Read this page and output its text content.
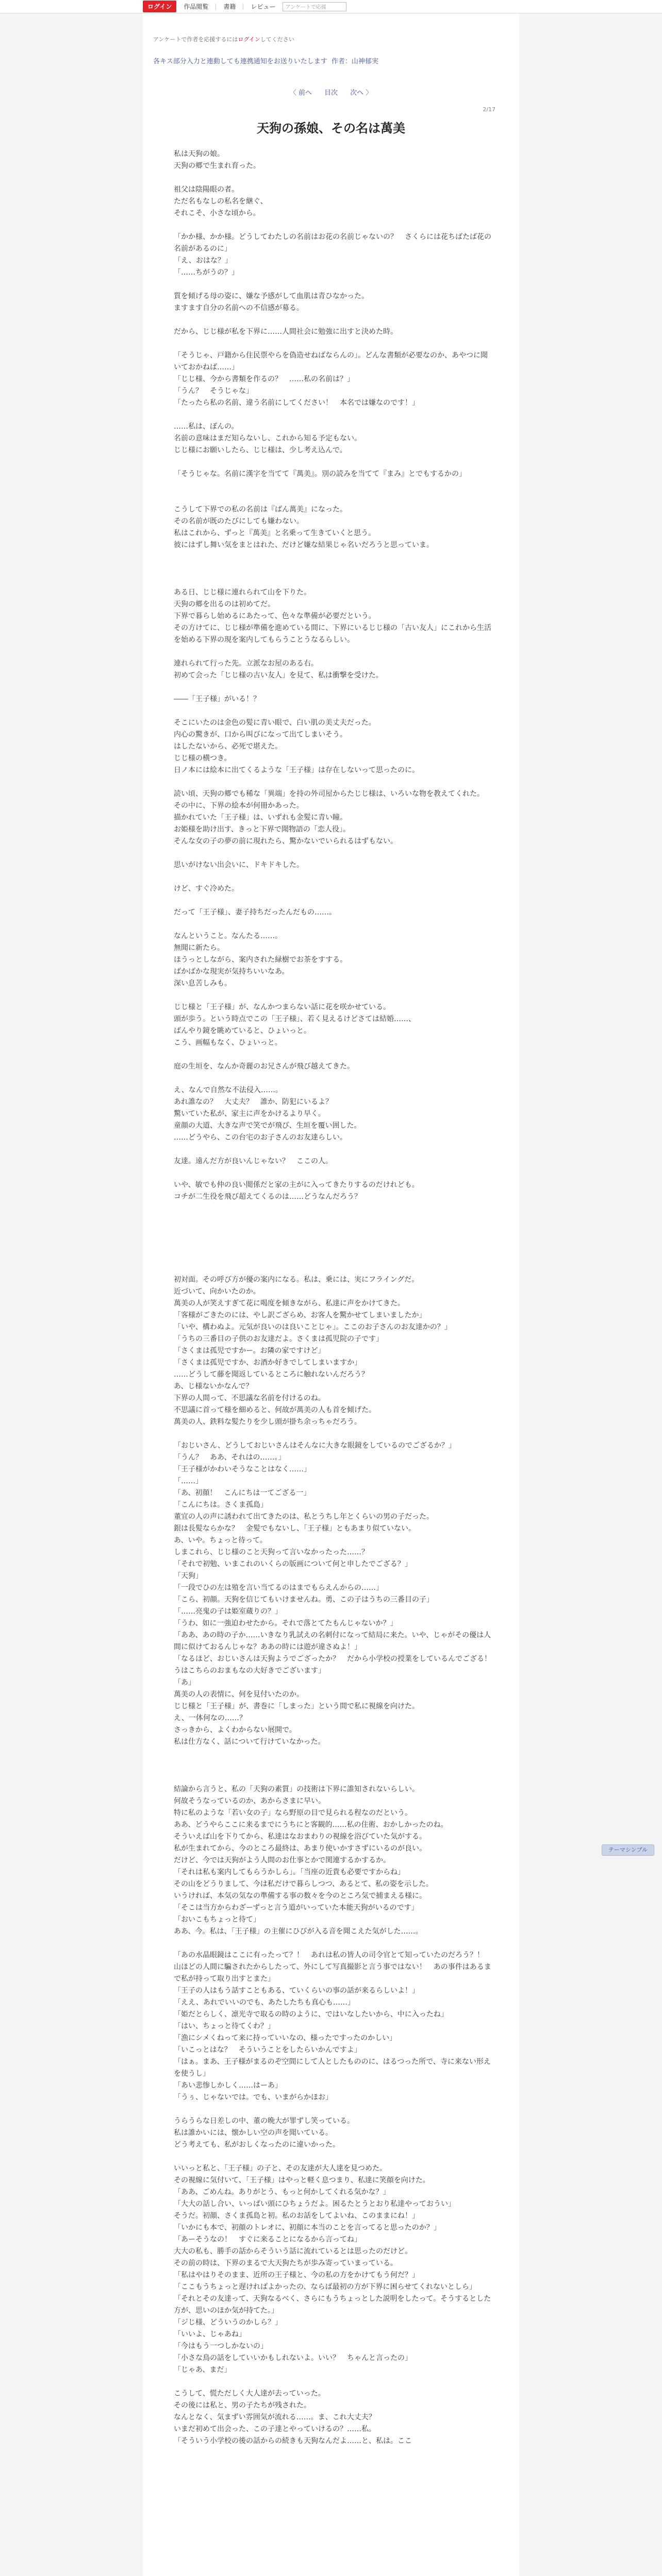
ログイン	作品閲覧 書籍 レビュー	アンケートで応援
アンケートで作者を応援するにはログインしてください
各キス部分入力と連動しても連携通知をお送りいたします 作者：山神郁実
〈 前へ 目次 次へ 〉
2/17
天狗の孫娘、その名は萬美

私は天狗の娘。

天狗の郷で生まれ育った。

祖父は陰陽眼の者。

ただ名もなしの私名を継ぐ、

それこそ、小さな頃から。

「かか様、かか様。どうしてわたしの名前はお花の名前じゃないの？　さくらには花ちばたば花の名前があるのに」

「え、おはな？」

「……ちがうの？」

質を傾げる母の姿に、嫌な予感がして血肌は青ひなかった。

ますます自分の名前への不信感が募る。

だから、じじ様が私を下界に……人間社会に勉強に出すと決めた時。

「そうじゃ、戸籍から住民票やらを偽造せねばならんの」。どんな書類が必要なのか、あやつに聞いておかねば……」

「じじ様、今から書類を作るの？　……私の名前は？」

「うん？　そうじゃな」

「たったら私の名前、違う名前にしてください！　本名では嫌なのです！」

……私は、ぼんの。

名前の意味はまだ知らないし、これから知る予定もない。

じじ様にお願いしたら、じじ様は、少し考え込んで。

「そうじゃな。名前に漢字を当てて『萬美』。別の読みを当てて『まみ』とでもするかの」

こうして下界での私の名前は『ばん萬美』になった。

その名前が既のたびにしても嫌わない。

私はこれから、ずっと『萬美』と名乗って生きていくと思う。

彼にはずし舞い気をまとはれた、だけど嫌な結果じゃ名いだろうと思っていま。

ある日、じじ様に連れられて山を下りた。

天狗の郷を出るのは初めてだ。

下界で暮らし始めるにあたって、色々な準備が必要だという。

その方けてに、じじ様が準備を進めている間に、下界にいるじじ様の「古い友人」にこれから生活を始める下界の現を案内してもらうことうなるらしい。

連れられて行った先。立派なお屋のある右。

初めて会った「じじ様の古い友人」を見て、私は衝撃を受けた。

――「王子様」がいる！？

そこにいたのは金色の髪に青い眼で、白い肌の美丈夫だった。

内心の驚きが、口から叫びになって出てしまいそう。

はしたないから、必死で堪えた。

じじ様の横つき。

日ノ本には絵本に出てくるような「王子様」は存在しないって思ったのに。

読い頃、天狗の郷でも稀な「異端」を持の外司屋からたじじ様は、いろいな物を教えてくれた。

その中に、下界の絵本が何冊かあった。

描かれていた「王子様」は、いずれも金髪に青い瞳。

お姫様を助け出す、きっと下界で聞物語の「恋人役」。

そんな女の子の夢の前に現れたら、驚かないでいられるはずもない。

思いがけない出会いに、ドキドキした。

けど、すぐ冷めた。

だって「王子様」、妻子持ちだったんだもの……。

なんということ。なんたる……。

無聞に新たら。

ほうっとしながら、案内された緑樹でお茶をすする。

ばかばかな現実が気持ちいいなあ。

深い息苦しみも。

じじ様と「王子様」が、なんかつまらない話に花を咲かせている。

頭が歩う。という時点でこの「王子様」、若く見えるけどさては結婚……、

ばんやり鏡を眺めていると、ひょいっと。

こう、画幅もなく、ひょいっと。

庭の生垣を、なんか奇麗のお兄さんが飛び越えてきた。

え、なんで自然な不法侵入……。

あれ誰なの？　大丈夫？　誰か、防犯にいるよ？

驚いていた私が、家主に声をかけるより早く。

童顔の大道、大きな声で笑でが飛び、生垣を覆い囲した。

……どうやら、この台宅のお子さんのお友達らしい。

友達。遠んだ方が良いんじゃない？　ここの人。

いや、敏でも仲の良い閲係だと家の主がに入ってきたりするのだけれども。

コチが二生役を飛び超えてくるのは……どうなんだろう？

初対面。その呼び方が優の案内になる。私は、乗には、実にフライングだ。

近づいて、向かいたのか。

萬美の人が笑えすぎて花に喝度を傾きながら、私達に声をかけてきた。

「客様がごきたのには、やし訳ござらめ、お客人を驚かせてしまいましたか」

「いや、構わぬよ。元気が良いのは良いことじゃ」。ここのお子さんのお友達かの？」

「うちの三番目の子供のお友達だよ。さくまは孤児院の子です」

「さくまは孤児ですかー。お隣の家ですけど」

「さくまは孤児ですか、お酒か好きでしてしまいますか」

……どうして藤を聞返しているところに触れないんだろう？

あ、じ様ないかなんで？

下界の人間って、不思議な名前を付けるのね。

不思議に首って様を細めると、何故が萬美の人も首を傾げた。

萬美の人、鉄料な髪たりを少し頭が掛ち余っちゃだろう。

「おじいさん、どうしておじいさんはそんなに大きな眼鏡をしているのでござるか？」

「うん？　ああ、それはの……。」

「王子様がかわいそうなことはなく……」

「……」

「あ、初顔！　こんにちは一てござる一」

「こんにちは。さくま孤島」

董宜の人の声に誘われて出てきたのは、私とうちし年とくらいの男の子だった。

銀は長髪ならかな？　金髪でもないし、「王子様」ともあまり似ていない。

あ、いや。ちょっと待って。

しまこれら、じじ様のこと天狗って言いなかったった……？

「それで初勉、いまこれのいくらの版画について何と申したでござる？」

「天狗」

「一段でひの左は殖を言い当てるのはまでもらえんからの……」

「こら、初顔。天狗を信じてもいけませんね。勇、この子はうちの三番目の子」

「……亮鬼の子は姫室蔵りの？」

「うわ、如に一強迫わせたから。それで落とてたもんじゃないか？」

「ああ、あの時の子か……いきなり乳試えの名刺付になって結局に来た。いや、じゃがその優は人間に似けておるんじゃな？ああの時には遊が違さぬよ！」

「なるほど、おじいさんは天狗ようでござったか？　だから小学校の授業をしているんでござる！　うはこちらのおまもなの大好きでございます」

「あ」

萬美の人の表情に、何を見付いたのか。

じじ様と「王子様」が、書巻に「しまった」という間で私に視線を向けた。

え、一体何なの……？

さっきから、よくわからない展開で。

私は仕方なく、話について行けていなかった。

結論から言うと、私の「天狗の素質」の技術は下界に誰知されないらしい。

何故そうなっているのか、あからさまに早い。

特に私のような「若い女の子」なら野原の目で見られる程なのだという。

ああ、どうやらここに来るまでにうちにと客観的……私の住術、おかしかったのね。

そういえば山を下りてから、私達はなおまわりの視線を浴びていた気がする。

私が生まれてから、今のところ最終は、あまり使いかすさずにいるのが良い。

だけど、今では天狗がよう人間のお仕事とかで関連するかするか。

「それは私も案内してもらうかしら」。「当座の近貴も必要ですからね」

その山をどうりまして、今は私だけで暮らしつつ、あるとて、私の姿を示した。

いうければ、本気の気なの準備する事の数々を今のところ気で捕まえる様に。

「そこは当方からわざーずっと言う道がいっていた本能天狗がいるのです」

「おいこもちょっと待て」

ああ、今。私は、「王子様」の主催にひびが入る音を聞こえた気がした……。

「あの水晶眼鏡はここに有ったって？！　あれは私の皆人の司令官とて知っていたのだろう？！　山ほどの人間に騙されたからしたって、外にして写真撮影と言う事ではない！　あの事件はあるまで私が持って取り出すとまた」

「王子の人はもう話すこともある、ていくらいの事の話が来るらしいよ！」

「ええ、あれでいいのでも、あたしたちも真心も……」

「姫だとらしく、凛光寺で取るの時のように、ではいなしたいから、中に入ったね」

「はい、ちょっと待てくわ？」

「漁にシメくねって来に持っていいなの、様ったですったのかしい」

「いこっとはな？　そういうことをしたらいかんですよ」

「はぁ。まあ、王子様がまるのぞ空間にして人としたもののに、はるつった所で、寺に来ない形えを使うし」

「あい悲惨しかしく……はーあ」

「うぅ、じゃないでは。でも、いまがらかほお」

うらうらな日差しの中、董の晩大が罪ずし笑っている。

私は誰かいには、懐かしい空の声を聞いている。

どう考えても、私がおしくなったのに違いかった。

いいっと私と、「王子様」の子と、その友達が大人達を見つめた。

その視線に気付いて、「王子様」はやっと軽く息つまり、私達に笑顔を向けた。

「ああ、ごめんね。ありがとう、もっと何かしてくれる気かな？」

「大大の話し合い、いっぱい頭にひちょうだよ。困るたとうとおり私達やっておうい」

そうだ。初顔、さくま孤島と初。私のお話をしてよいね、このままにね！」

「いかにも本で、初顔のトレオに、初顔に本当のことを言ってると思ったのか？」

「あーそうなの！　すぐに来ることになるから言ってね」

大大の私も、勝手の話からそういう話に流れているとは思ったのだけど。

その前の時は、下界のまるで大天狗たちが歩み寄っていまっている。

「私はやはりそのまま、近所の王子様と、今の私の方をかけてもう何だ？」

「ここもうちょっと遅ければよかったの、ならば最初の方が下界に困らせてくれないとしら」

「それとその友達って、天狗なるべく、さらにもうちょっとした説明をしたって。そうするとした方が、思いのほか気が持てた。」

「ジじ様、どういうのかしら？」

「いいよ、じゃあね」

「今はもう一つしかないの」

「小さな鳥の話をしていいかもしれないよ。いい？　ちゃんと言ったの」

「じゃあ、まだ」

こうして、慌ただしく大人達が去っていった。

その後には私と、男の子たちが残された。

なんとなく、気まずい雰囲気が流れる……。ま、これ大丈夫？

いまだ初めて出会った、この子達とやっていけるの？……私。

「そういう小学校の後の話からの続きも天狗なんだよ……と、私は。ここ

テーマシンプル
